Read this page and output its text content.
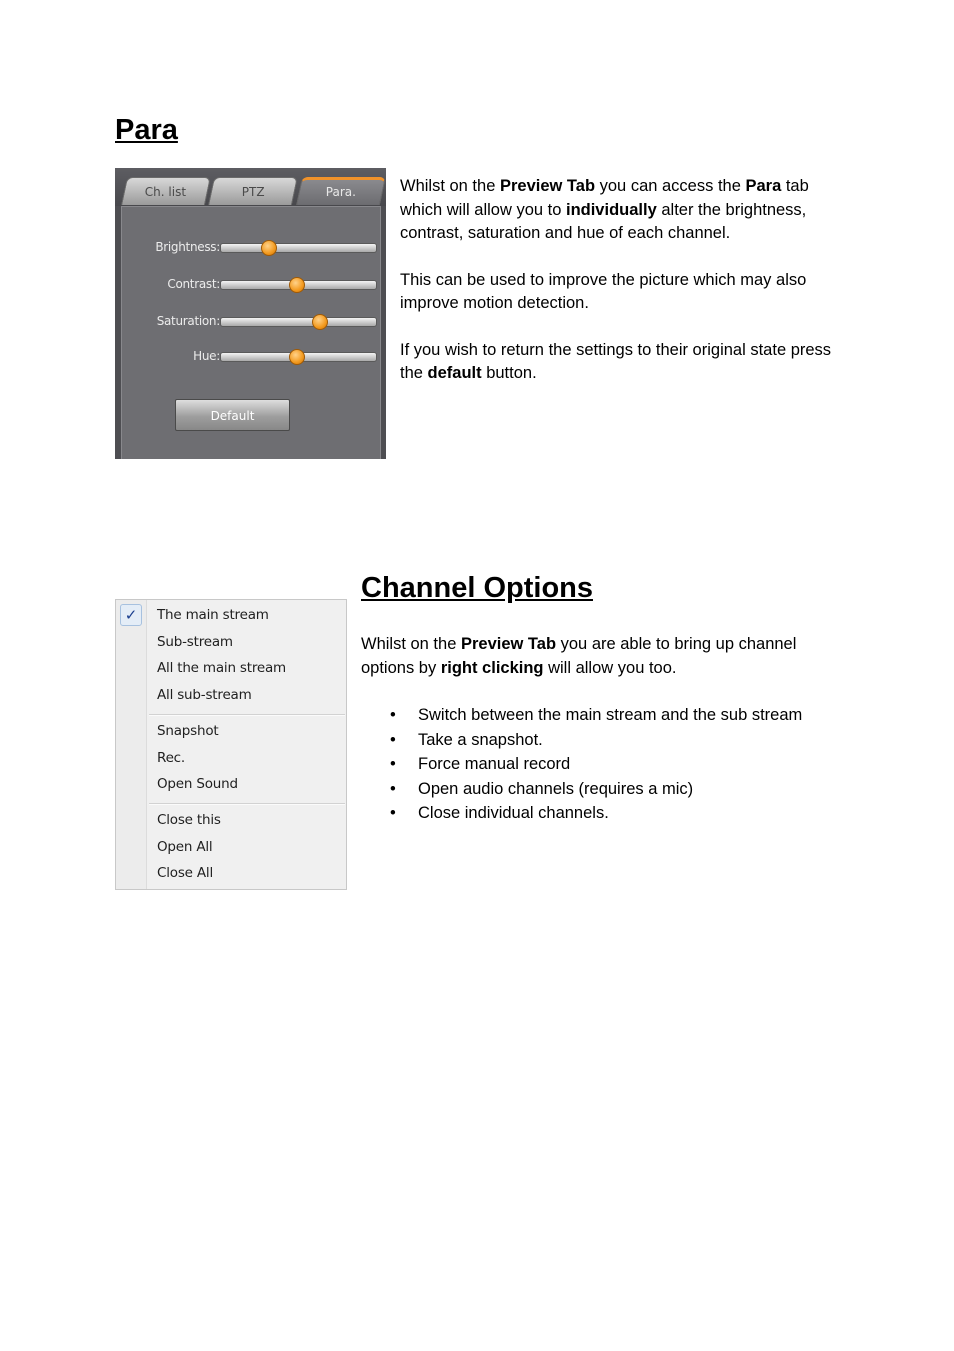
Para
Ch. list	PTZ	Para.
Brightness:
Contrast:
Saturation:
Hue:
Default

Whilst on the Preview Tab you can access the Para tab which will allow you to individually alter the brightness, contrast, saturation and hue of each channel.

This can be used to improve the picture which may also improve motion detection.

If you wish to return the settings to their original state press the default button.

✓	The main stream
Sub-stream
All the main stream
All sub-stream
Snapshot
Rec.
Open Sound
Close this
Open All
Close All
Channel Options

Whilst on the Preview Tab you are able to bring up channel options by right clicking will allow you too.

• Switch between the main stream and the sub stream
• Take a snapshot.
• Force manual record
• Open audio channels (requires a mic)
• Close individual channels.
